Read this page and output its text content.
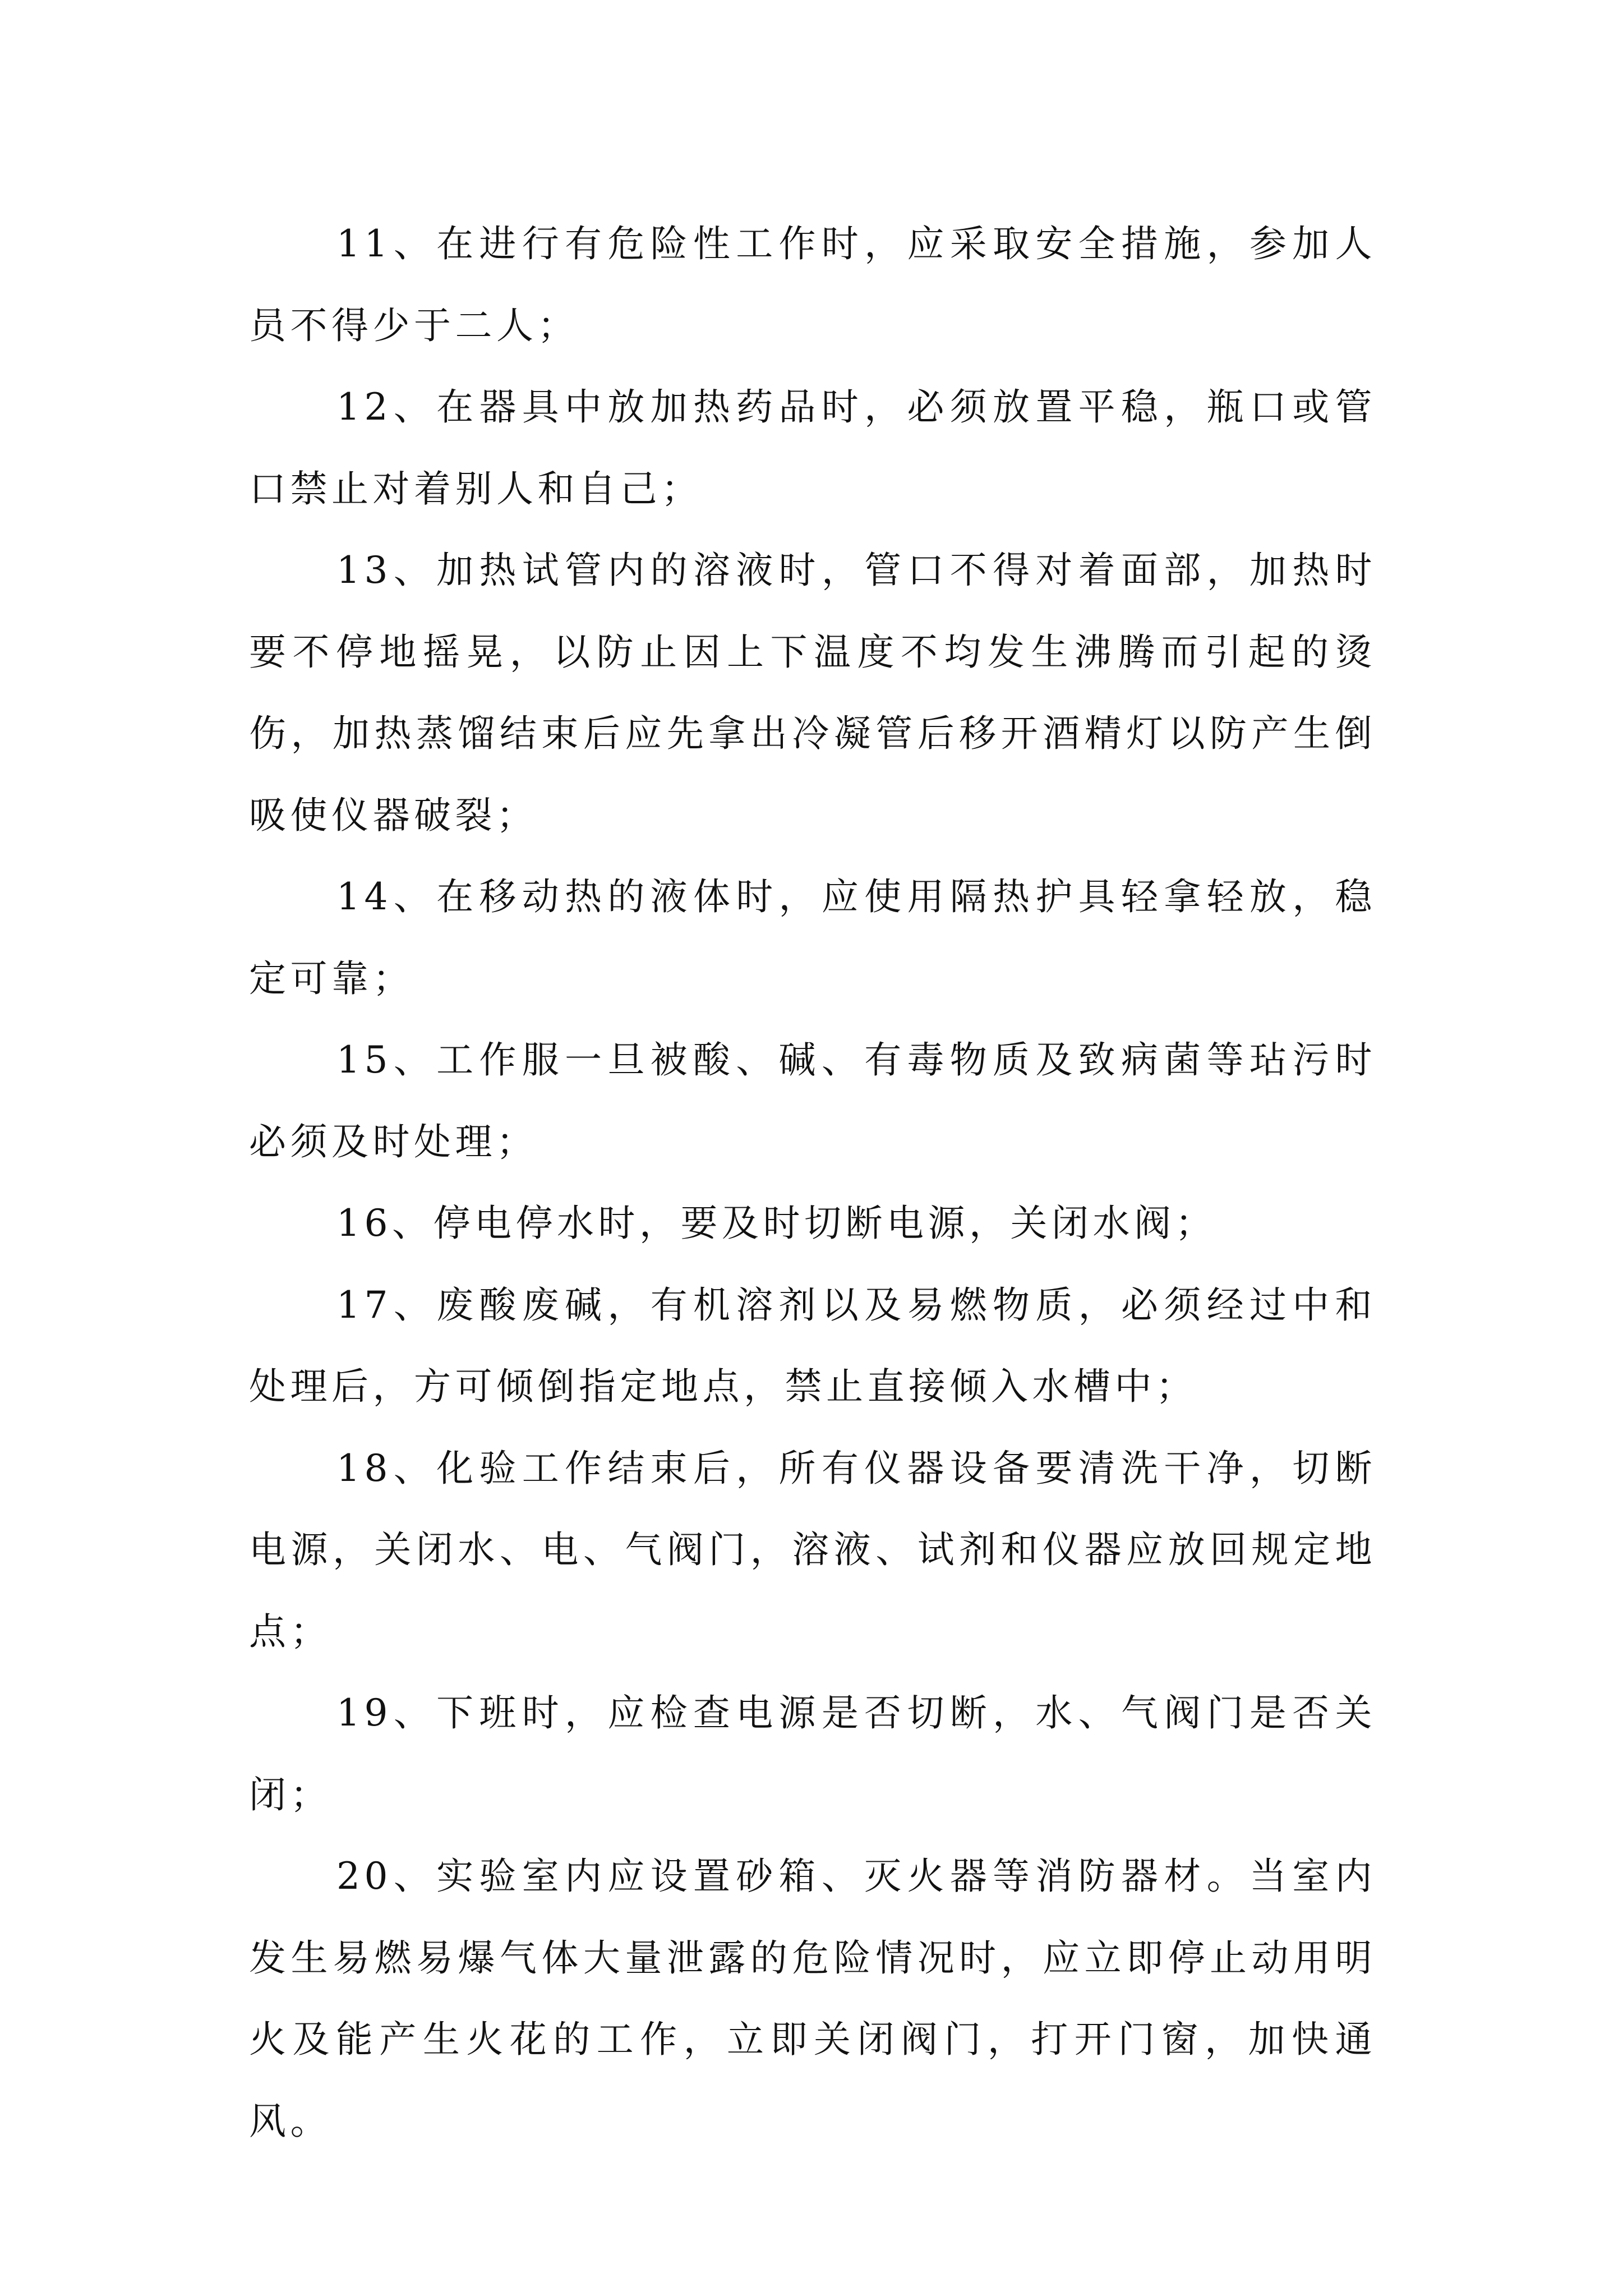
11、在进行有危险性工作时，应采取安全措施，参加人员不得少于二人；

12、在器具中放加热药品时，必须放置平稳，瓶口或管口禁止对着别人和自己；

13、加热试管内的溶液时，管口不得对着面部，加热时要不停地摇晃，以防止因上下温度不均发生沸腾而引起的烫伤，加热蒸馏结束后应先拿出冷凝管后移开酒精灯以防产生倒吸使仪器破裂；

14、在移动热的液体时，应使用隔热护具轻拿轻放，稳定可靠；

15、工作服一旦被酸、碱、有毒物质及致病菌等玷污时必须及时处理；

16、停电停水时，要及时切断电源，关闭水阀；

17、废酸废碱，有机溶剂以及易燃物质，必须经过中和处理后，方可倾倒指定地点，禁止直接倾入水槽中；

18、化验工作结束后，所有仪器设备要清洗干净，切断电源，关闭水、电、气阀门，溶液、试剂和仪器应放回规定地点；

19、下班时，应检查电源是否切断，水、气阀门是否关闭；

20、实验室内应设置砂箱、灭火器等消防器材。当室内发生易燃易爆气体大量泄露的危险情况时，应立即停止动用明火及能产生火花的工作，立即关闭阀门，打开门窗，加快通风。
